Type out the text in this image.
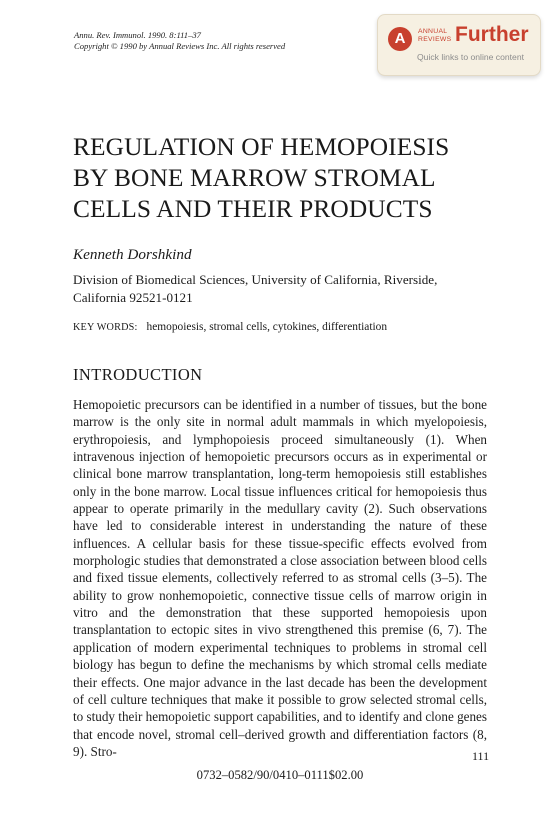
Annu. Rev. Immunol. 1990. 8:111–37
Copyright © 1990 by Annual Reviews Inc. All rights reserved	A	ANNUAL
REVIEWS Further
Quick links to online content
REGULATION OF HEMOPOIESIS
BY BONE MARROW STROMAL
CELLS AND THEIR PRODUCTS
Kenneth Dorshkind
Division of Biomedical Sciences, University of California, Riverside,
California 92521-0121
KEY WORDS: hemopoiesis, stromal cells, cytokines, differentiation
INTRODUCTION

Hemopoietic precursors can be identified in a number of tissues, but the bone marrow is the only site in normal adult mammals in which myelopoiesis, erythropoiesis, and lymphopoiesis proceed simultaneously (1). When intravenous injection of hemopoietic precursors occurs as in experimental or clinical bone marrow transplantation, long-term hemopoiesis still establishes only in the bone marrow. Local tissue influences critical for hemopoiesis thus appear to operate primarily in the medullary cavity (2). Such observations have led to considerable interest in understanding the nature of these influences. A cellular basis for these tissue-specific effects evolved from morphologic studies that demonstrated a close association between blood cells and fixed tissue elements, collectively referred to as stromal cells (3–5). The ability to grow nonhemopoietic, connective tissue cells of marrow origin in vitro and the demonstration that these supported hemopoiesis upon transplantation to ectopic sites in vivo strengthened this premise (6, 7). The application of modern experimental techniques to problems in stromal cell biology has begun to define the mechanisms by which stromal cells mediate their effects. One major advance in the last decade has been the development of cell culture techniques that make it possible to grow selected stromal cells, to study their hemopoietic support capabilities, and to identify and clone genes that encode novel, stromal cell–derived growth and differentiation factors (8, 9). Stro-	111
0732–0582/90/0410–0111$02.00
